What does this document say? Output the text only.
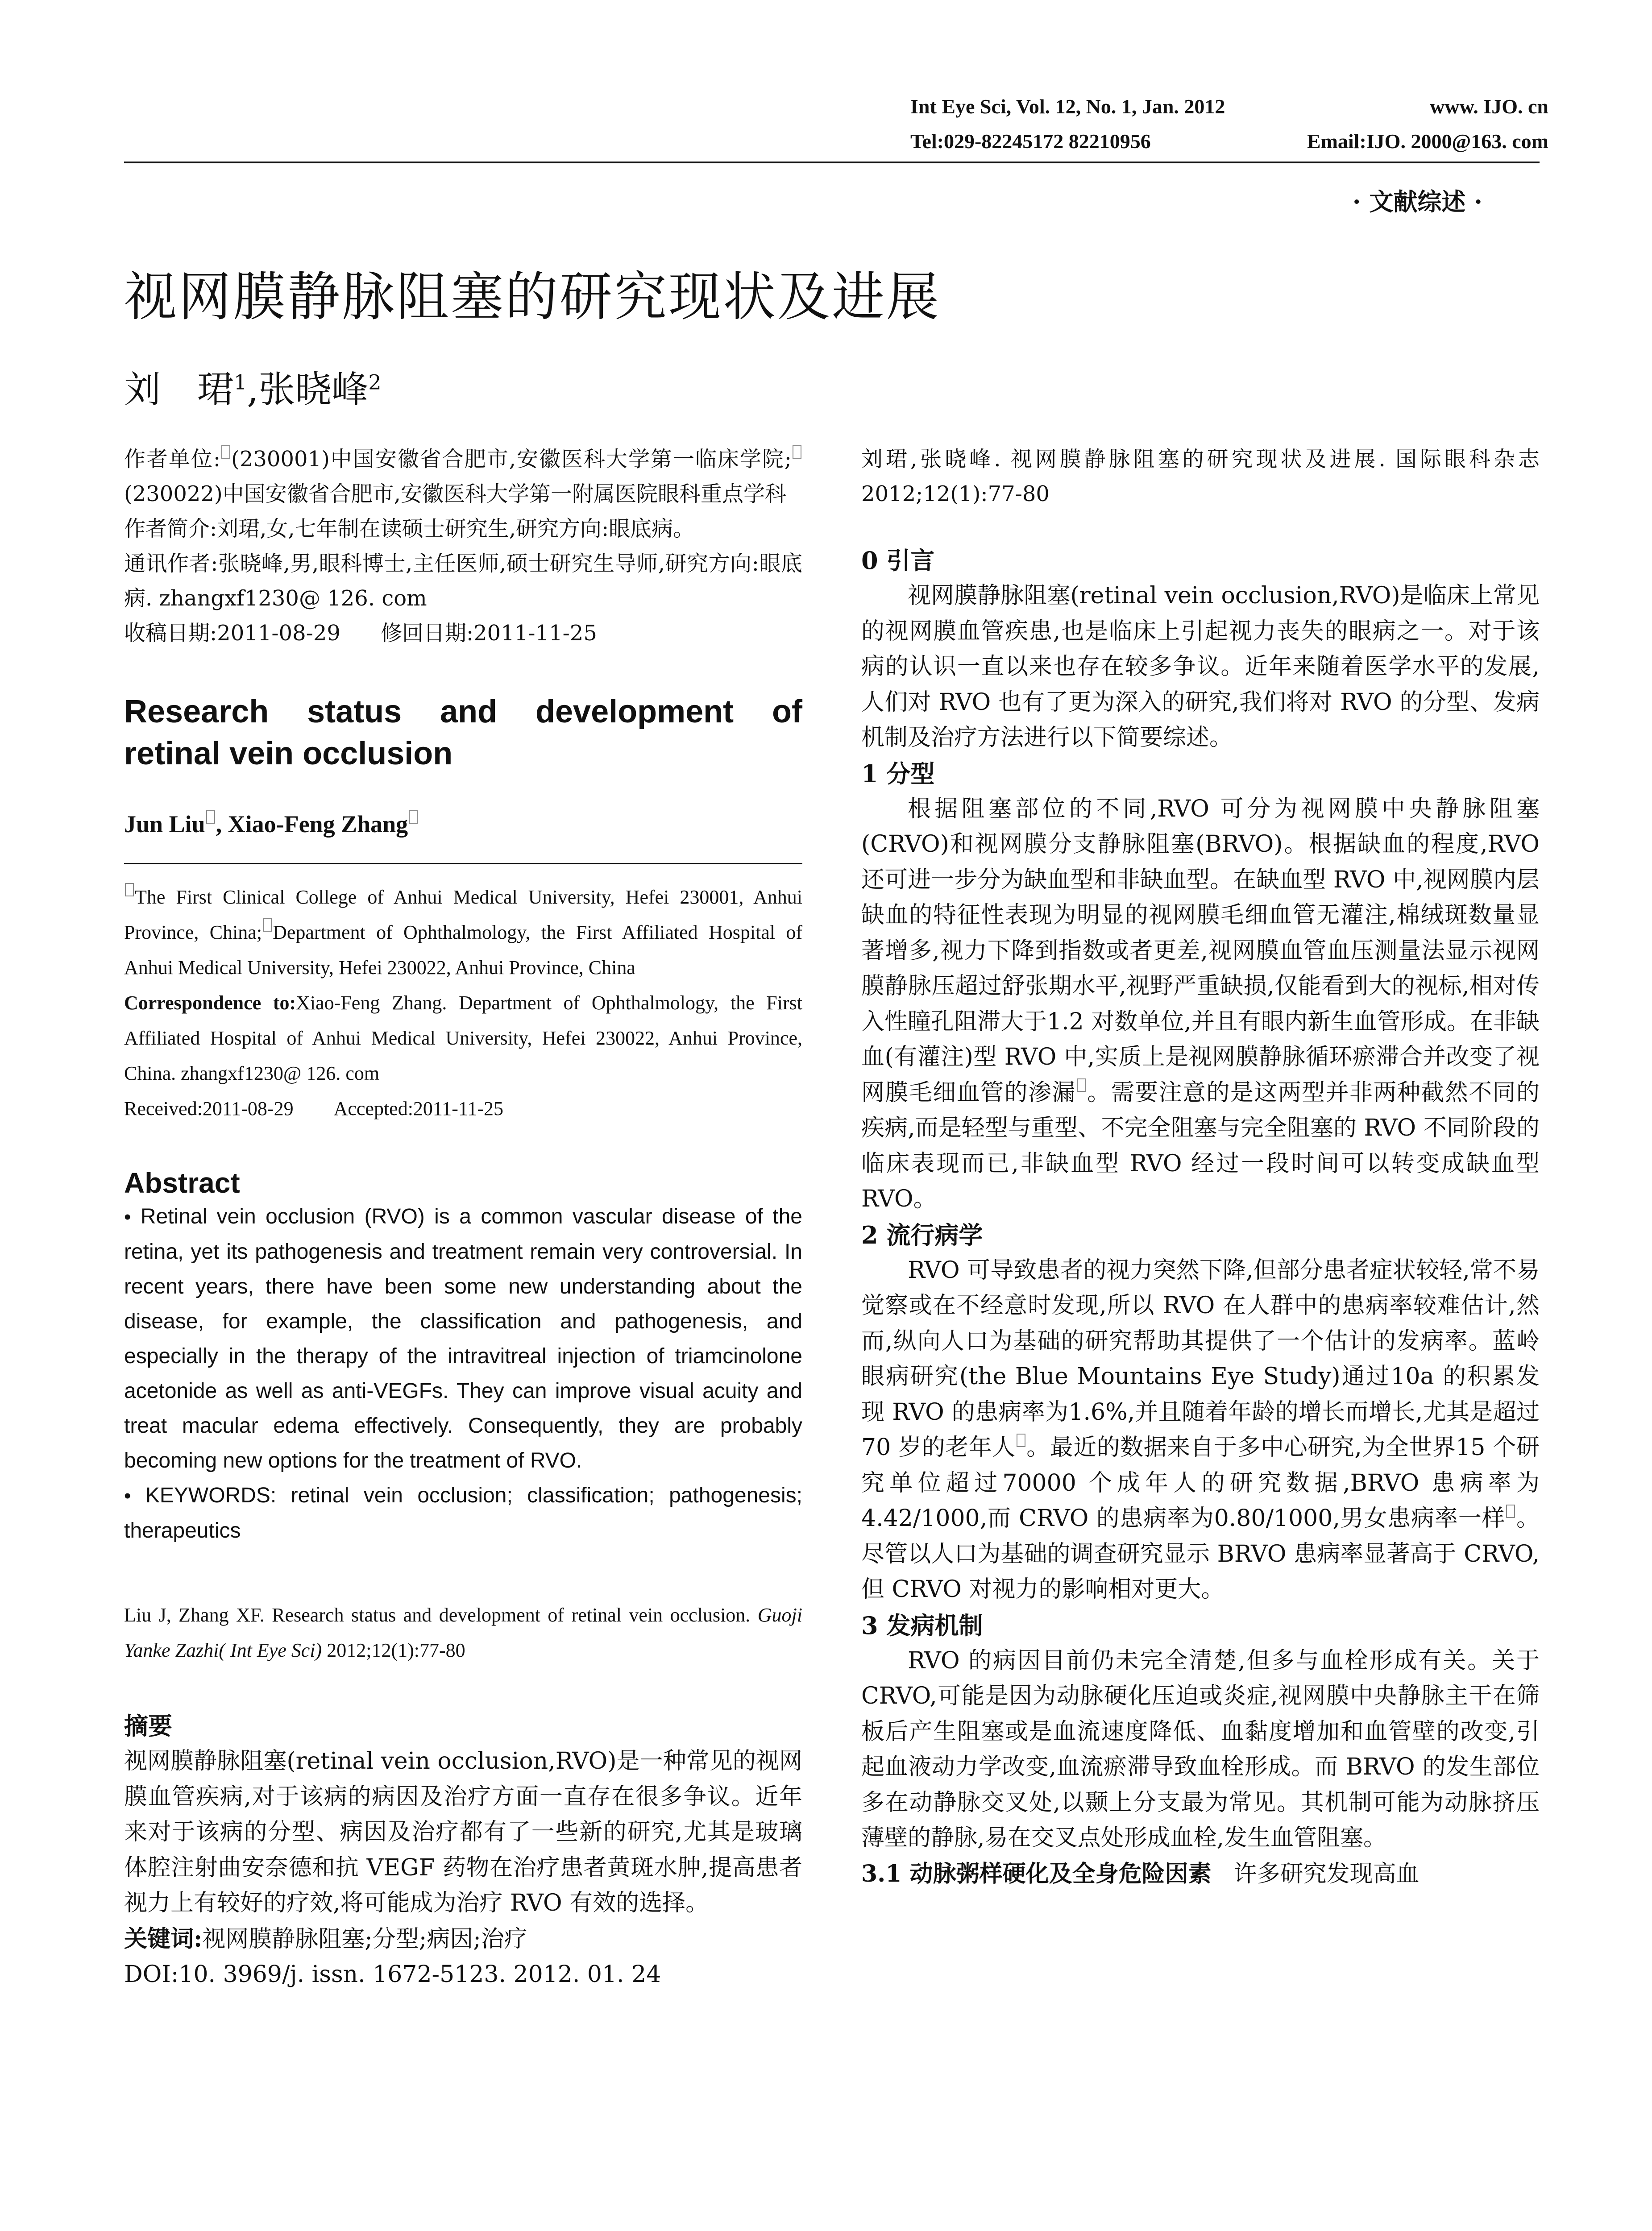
Int Eye Sci, Vol. 12, No. 1, Jan. 2012	www. IJO. cn
Tel:029-82245172 82210956	Email:IJO. 2000@163. com
· 文献综述 ·
视网膜静脉阻塞的研究现状及进展
刘　珺$^1$,张晓峰$^2$

作者单位: (230001)中国安徽省合肥市,安徽医科大学第一临床学院;(230022)中国安徽省合肥市,安徽医科大学第一附属医院眼科重点学科

作者简介:刘珺,女,七年制在读硕士研究生,研究方向:眼底病。

通讯作者:张晓峰,男,眼科博士,主任医师,硕士研究生导师,研究方向:眼底病. zhangxf1230@ 126. com

收稿日期:2011-08-29 修回日期:2011-11-25

Research status and development of

retinal vein occlusion

Jun Liu , Xiao-Feng Zhang

The First Clinical College of Anhui Medical University, Hefei 230001, Anhui Province, China; Department of Ophthalmology, the First Affiliated Hospital of Anhui Medical University, Hefei 230022, Anhui Province, China

Correspondence to:Xiao-Feng Zhang. Department of Ophthalmology, the First Affiliated Hospital of Anhui Medical University, Hefei 230022, Anhui Province, China. zhangxf1230@ 126. com

Received:2011-08-29 Accepted:2011-11-25

Abstract

• Retinal vein occlusion (RVO) is a common vascular disease of the retina, yet its pathogenesis and treatment remain very controversial. In recent years, there have been some new understanding about the disease, for example, the classification and pathogenesis, and especially in the therapy of the intravitreal injection of triamcinolone acetonide as well as anti-VEGFs. They can improve visual acuity and treat macular edema effectively. Consequently, they are probably becoming new options for the treatment of RVO.

• KEYWORDS: retinal vein occlusion; classification; pathogenesis; therapeutics

Liu J, Zhang XF. Research status and development of retinal vein occlusion. Guoji Yanke Zazhi( Int Eye Sci) 2012;12(1):77-80

摘要

视网膜静脉阻塞(retinal vein occlusion,RVO)是一种常见的视网膜血管疾病,对于该病的病因及治疗方面一直存在很多争议。近年来对于该病的分型、病因及治疗都有了一些新的研究,尤其是玻璃体腔注射曲安奈德和抗 VEGF 药物在治疗患者黄斑水肿,提高患者视力上有较好的疗效,将可能成为治疗 RVO 有效的选择。

关键词:视网膜静脉阻塞;分型;病因;治疗

DOI:10. 3969/j. issn. 1672-5123. 2012. 01. 24

刘珺,张晓峰. 视网膜静脉阻塞的研究现状及进展. 国际眼科杂志 2012;12(1):77-80

0 引言

视网膜静脉阻塞(retinal vein occlusion,RVO)是临床上常见的视网膜血管疾患,也是临床上引起视力丧失的眼病之一。对于该病的认识一直以来也存在较多争议。近年来随着医学水平的发展,人们对 RVO 也有了更为深入的研究,我们将对 RVO 的分型、发病机制及治疗方法进行以下简要综述。

1 分型

根据阻塞部位的不同,RVO 可分为视网膜中央静脉阻塞(CRVO)和视网膜分支静脉阻塞(BRVO)。根据缺血的程度,RVO 还可进一步分为缺血型和非缺血型。在缺血型 RVO 中,视网膜内层缺血的特征性表现为明显的视网膜毛细血管无灌注,棉绒斑数量显著增多,视力下降到指数或者更差,视网膜血管血压测量法显示视网膜静脉压超过舒张期水平,视野严重缺损,仅能看到大的视标,相对传入性瞳孔阻滞大于1.2 对数单位,并且有眼内新生血管形成。在非缺血(有灌注)型 RVO 中,实质上是视网膜静脉循环瘀滞合并改变了视网膜毛细血管的渗漏 。需要注意的是这两型并非两种截然不同的疾病,而是轻型与重型、不完全阻塞与完全阻塞的 RVO 不同阶段的临床表现而已,非缺血型 RVO 经过一段时间可以转变成缺血型 RVO。

2 流行病学

RVO 可导致患者的视力突然下降,但部分患者症状较轻,常不易觉察或在不经意时发现,所以 RVO 在人群中的患病率较难估计,然而,纵向人口为基础的研究帮助其提供了一个估计的发病率。蓝岭眼病研究(the Blue Mountains Eye Study)通过10a 的积累发现 RVO 的患病率为1.6%,并且随着年龄的增长而增长,尤其是超过70 岁的老年人 。最近的数据来自于多中心研究,为全世界15 个研究单位超过70000 个成年人的研究数据,BRVO 患病率为4.42/1000,而 CRVO 的患病率为0.80/1000,男女患病率一样 。尽管以人口为基础的调查研究显示 BRVO 患病率显著高于 CRVO,但 CRVO 对视力的影响相对更大。

3 发病机制

RVO 的病因目前仍未完全清楚,但多与血栓形成有关。关于 CRVO,可能是因为动脉硬化压迫或炎症,视网膜中央静脉主干在筛板后产生阻塞或是血流速度降低、血黏度增加和血管壁的改变,引起血液动力学改变,血流瘀滞导致血栓形成。而 BRVO 的发生部位多在动静脉交叉处,以颞上分支最为常见。其机制可能为动脉挤压薄壁的静脉,易在交叉点处形成血栓,发生血管阻塞。

3.1 动脉粥样硬化及全身危险因素 许多研究发现高血
